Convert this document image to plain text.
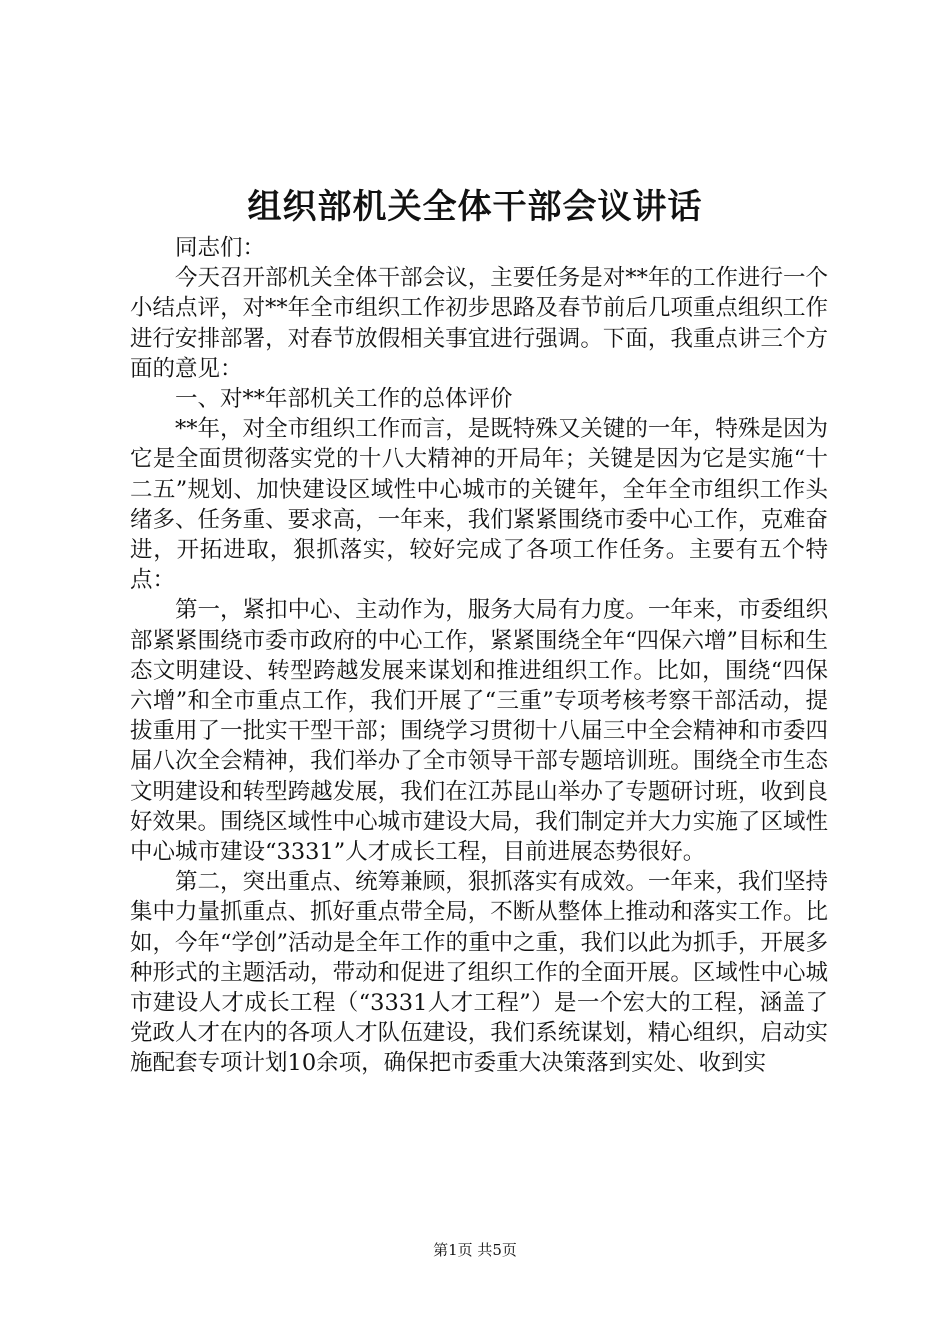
组织部机关全体干部会议讲话

同志们：

今天召开部机关全体干部会议，主要任务是对**年的工作进行一个小结点评，对**年全市组织工作初步思路及春节前后几项重点组织工作进行安排部署，对春节放假相关事宜进行强调。下面，我重点讲三个方面的意见：

一、对**年部机关工作的总体评价

**年，对全市组织工作而言，是既特殊又关键的一年，特殊是因为它是全面贯彻落实党的十八大精神的开局年；关键是因为它是实施“十二五”规划、加快建设区域性中心城市的关键年，全年全市组织工作头绪多、任务重、要求高，一年来，我们紧紧围绕市委中心工作，克难奋进，开拓进取，狠抓落实，较好完成了各项工作任务。主要有五个特点：

第一，紧扣中心、主动作为，服务大局有力度。一年来，市委组织部紧紧围绕市委市政府的中心工作，紧紧围绕全年“四保六增”目标和生态文明建设、转型跨越发展来谋划和推进组织工作。比如，围绕“四保六增”和全市重点工作，我们开展了“三重”专项考核考察干部活动，提拔重用了一批实干型干部；围绕学习贯彻十八届三中全会精神和市委四届八次全会精神，我们举办了全市领导干部专题培训班。围绕全市生态文明建设和转型跨越发展，我们在江苏昆山举办了专题研讨班，收到良好效果。围绕区域性中心城市建设大局，我们制定并大力实施了区域性中心城市建设“3331”人才成长工程，目前进展态势很好。

第二，突出重点、统筹兼顾，狠抓落实有成效。一年来，我们坚持集中力量抓重点、抓好重点带全局，不断从整体上推动和落实工作。比如，今年“学创”活动是全年工作的重中之重，我们以此为抓手，开展多种形式的主题活动，带动和促进了组织工作的全面开展。区域性中心城市建设人才成长工程（“3331人才工程”）是一个宏大的工程，涵盖了党政人才在内的各项人才队伍建设，我们系统谋划，精心组织，启动实施配套专项计划10余项，确保把市委重大决策落到实处、收到实

第1页 共5页
